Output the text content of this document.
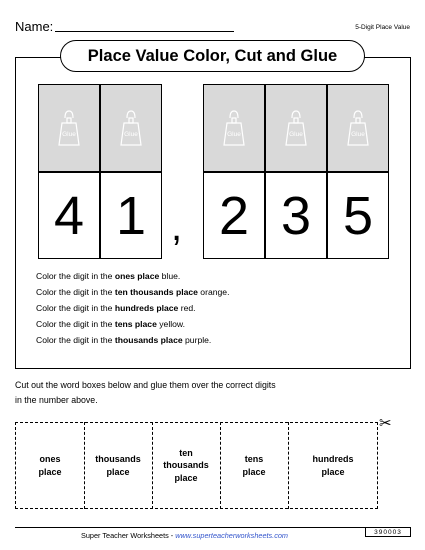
Name:	5-Digit Place Value
Place Value Color, Cut and Glue
Glue	Glue	Glue	Glue	Glue
4 1 , 2 3 5
Color the digit in the ones place blue.
Color the digit in the ten thousands place orange.
Color the digit in the hundreds place red.
Color the digit in the tens place yellow.
Color the digit in the thousands place purple.
Cut out the word boxes below and glue them over the correct digits
in the number above.
ones
place
thousands
place
ten
thousands
place
tens
place
hundreds
place
✂
Super Teacher Worksheets - www.superteacherworksheets.com	390003
